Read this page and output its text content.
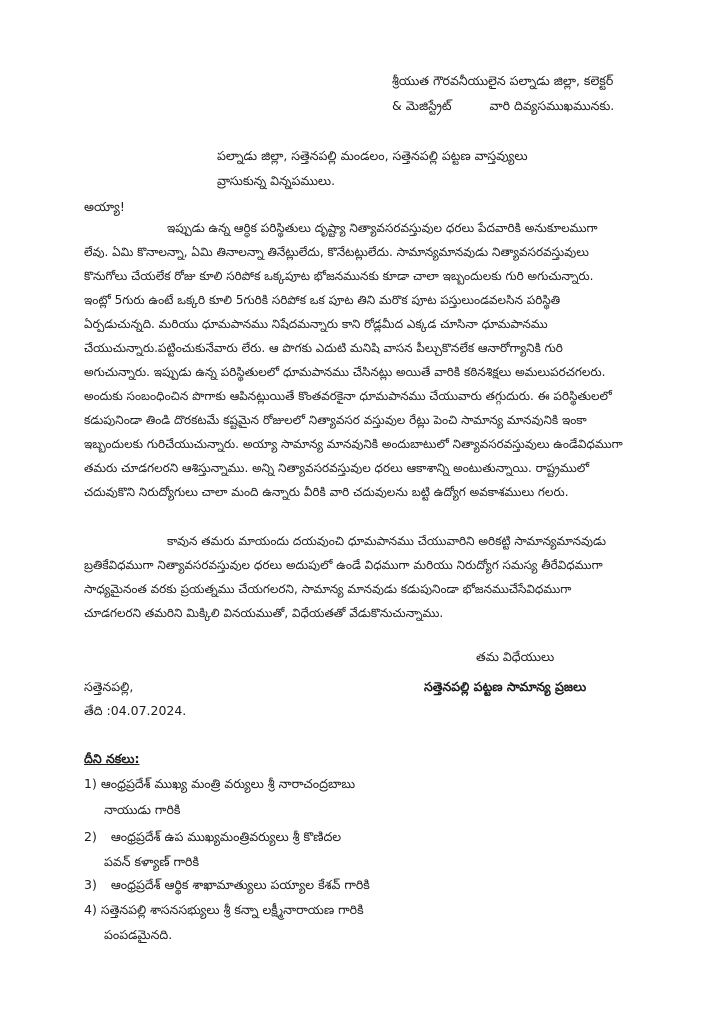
శ్రీయుత గౌరవనీయులైన పల్నాడు జిల్లా, కలెక్టర్
& మెజిస్ట్రేట్	వారి దివ్యసముఖమునకు.
పల్నాడు జిల్లా, సత్తెనపల్లి మండలం, సత్తెనపల్లి పట్టణ వాస్తవ్యులు
వ్రాసుకున్న విన్నపములు.
అయ్యా!

ఇప్పుడు ఉన్న ఆర్ధిక పరిస్థితులు దృష్ట్యా నిత్యావసరవస్తువుల ధరలు పేదవారికి అనుకూలముగా

లేవు. ఏమి కొనాలన్నా, ఏమి తినాలన్నా తినేట్లులేదు, కొనేటట్లులేదు. సామాన్యమానవుడు నిత్యావసరవస్తువులు

కొనుగోలు చేయలేక రోజు కూలి సరిపోక ఒక్కపూట భోజనమునకు కూడా చాలా ఇబ్బందులకు గురి అగుచున్నారు.

ఇంట్లో 5గురు ఉంటే ఒక్కరి కూలి 5గురికి సరిపోక ఒక పూట తిని మరొక పూట పస్తులుండవలసిన పరిస్థితి

ఏర్పడుచున్నది. మరియు ధూమపానము నిషేదమన్నారు కాని రోడ్లమీద ఎక్కడ చూసినా ధూమపానము

చేయుచున్నారు.పట్టించుకునేవారు లేరు. ఆ పొగకు ఎదుటి మనిషి వాసన పీల్చుకొనలేక ఆనారోగ్యానికి గురి

అగుచున్నారు. ఇప్పుడు ఉన్న పరిస్థితులలో ధూమపానము చేసినట్లు అయితే వారికి కఠినశిక్షలు అమలుపరచగలరు.

అందుకు సంబంధించిన పొగాకు ఆపినట్లుయితే కొంతవరకైనా ధూమపానము చేయువారు తగ్గుదురు. ఈ పరిస్థితులలో

కడుపునిండా తిండి దొరకటమే కష్టమైన రోజులలో నిత్యావసర వస్తువుల రేట్లు పెంచి సామాన్య మానవునికి ఇంకా

ఇబ్బందులకు గురిచేయుచున్నారు. అయ్యా సామాన్య మానవునికి అందుబాటులో నిత్యావసరవస్తువులు ఉండేవిధముగా

తమరు చూడగలరని ఆశిస్తున్నాము. అన్ని నిత్యావసరవస్తువుల ధరలు ఆకాశాన్ని అంటుతున్నాయి. రాష్ట్రములో

చదువుకొని నిరుద్యోగులు చాలా మంది ఉన్నారు వీరికి వారి చదువులను బట్టి ఉద్యోగ అవకాశములు గలరు.

కావున తమరు మాయందు దయవుంచి ధూమపానము చేయువారిని అరికట్టి సామాన్యమానవుడు

బ్రతికేవిధముగా నిత్యావసరవస్తువుల ధరలు అదుపులో ఉండే విధముగా మరియు నిరుద్యోగ సమస్య తీరేవిధముగా

సాధ్యమైనంత వరకు ప్రయత్నము చేయగలరని, సామాన్య మానవుడు కడుపునిండా భోజనముచేసేవిధముగా

చూడగలరని తమరిని మిక్కిలి వినయముతో, విధేయతతో వేడుకొనుచున్నాము.

తమ విధేయులు
సత్తెనపల్లి పట్టణ సామాన్య ప్రజలు
సత్తెనపల్లి,
తేది :04.07.2024.
దీని నకలు:
1) ఆంధ్రప్రదేశ్ ముఖ్య మంత్రి వర్యులు శ్రీ నారాచంద్రబాబు
నాయుడు గారికి
2) ఆంధ్రప్రదేశ్ ఉప ముఖ్యమంత్రివర్యులు శ్రీ కొణిదల
పవన్ కళ్యాణ్ గారికి
3) ఆంధ్రప్రదేశ్ ఆర్థిక శాఖామాత్యులు పయ్యాల కేశవ్ గారికి
4) సత్తెనపల్లి శాసనసభ్యులు శ్రీ కన్నా లక్ష్మీనారాయణ గారికి
పంపడమైనది.
